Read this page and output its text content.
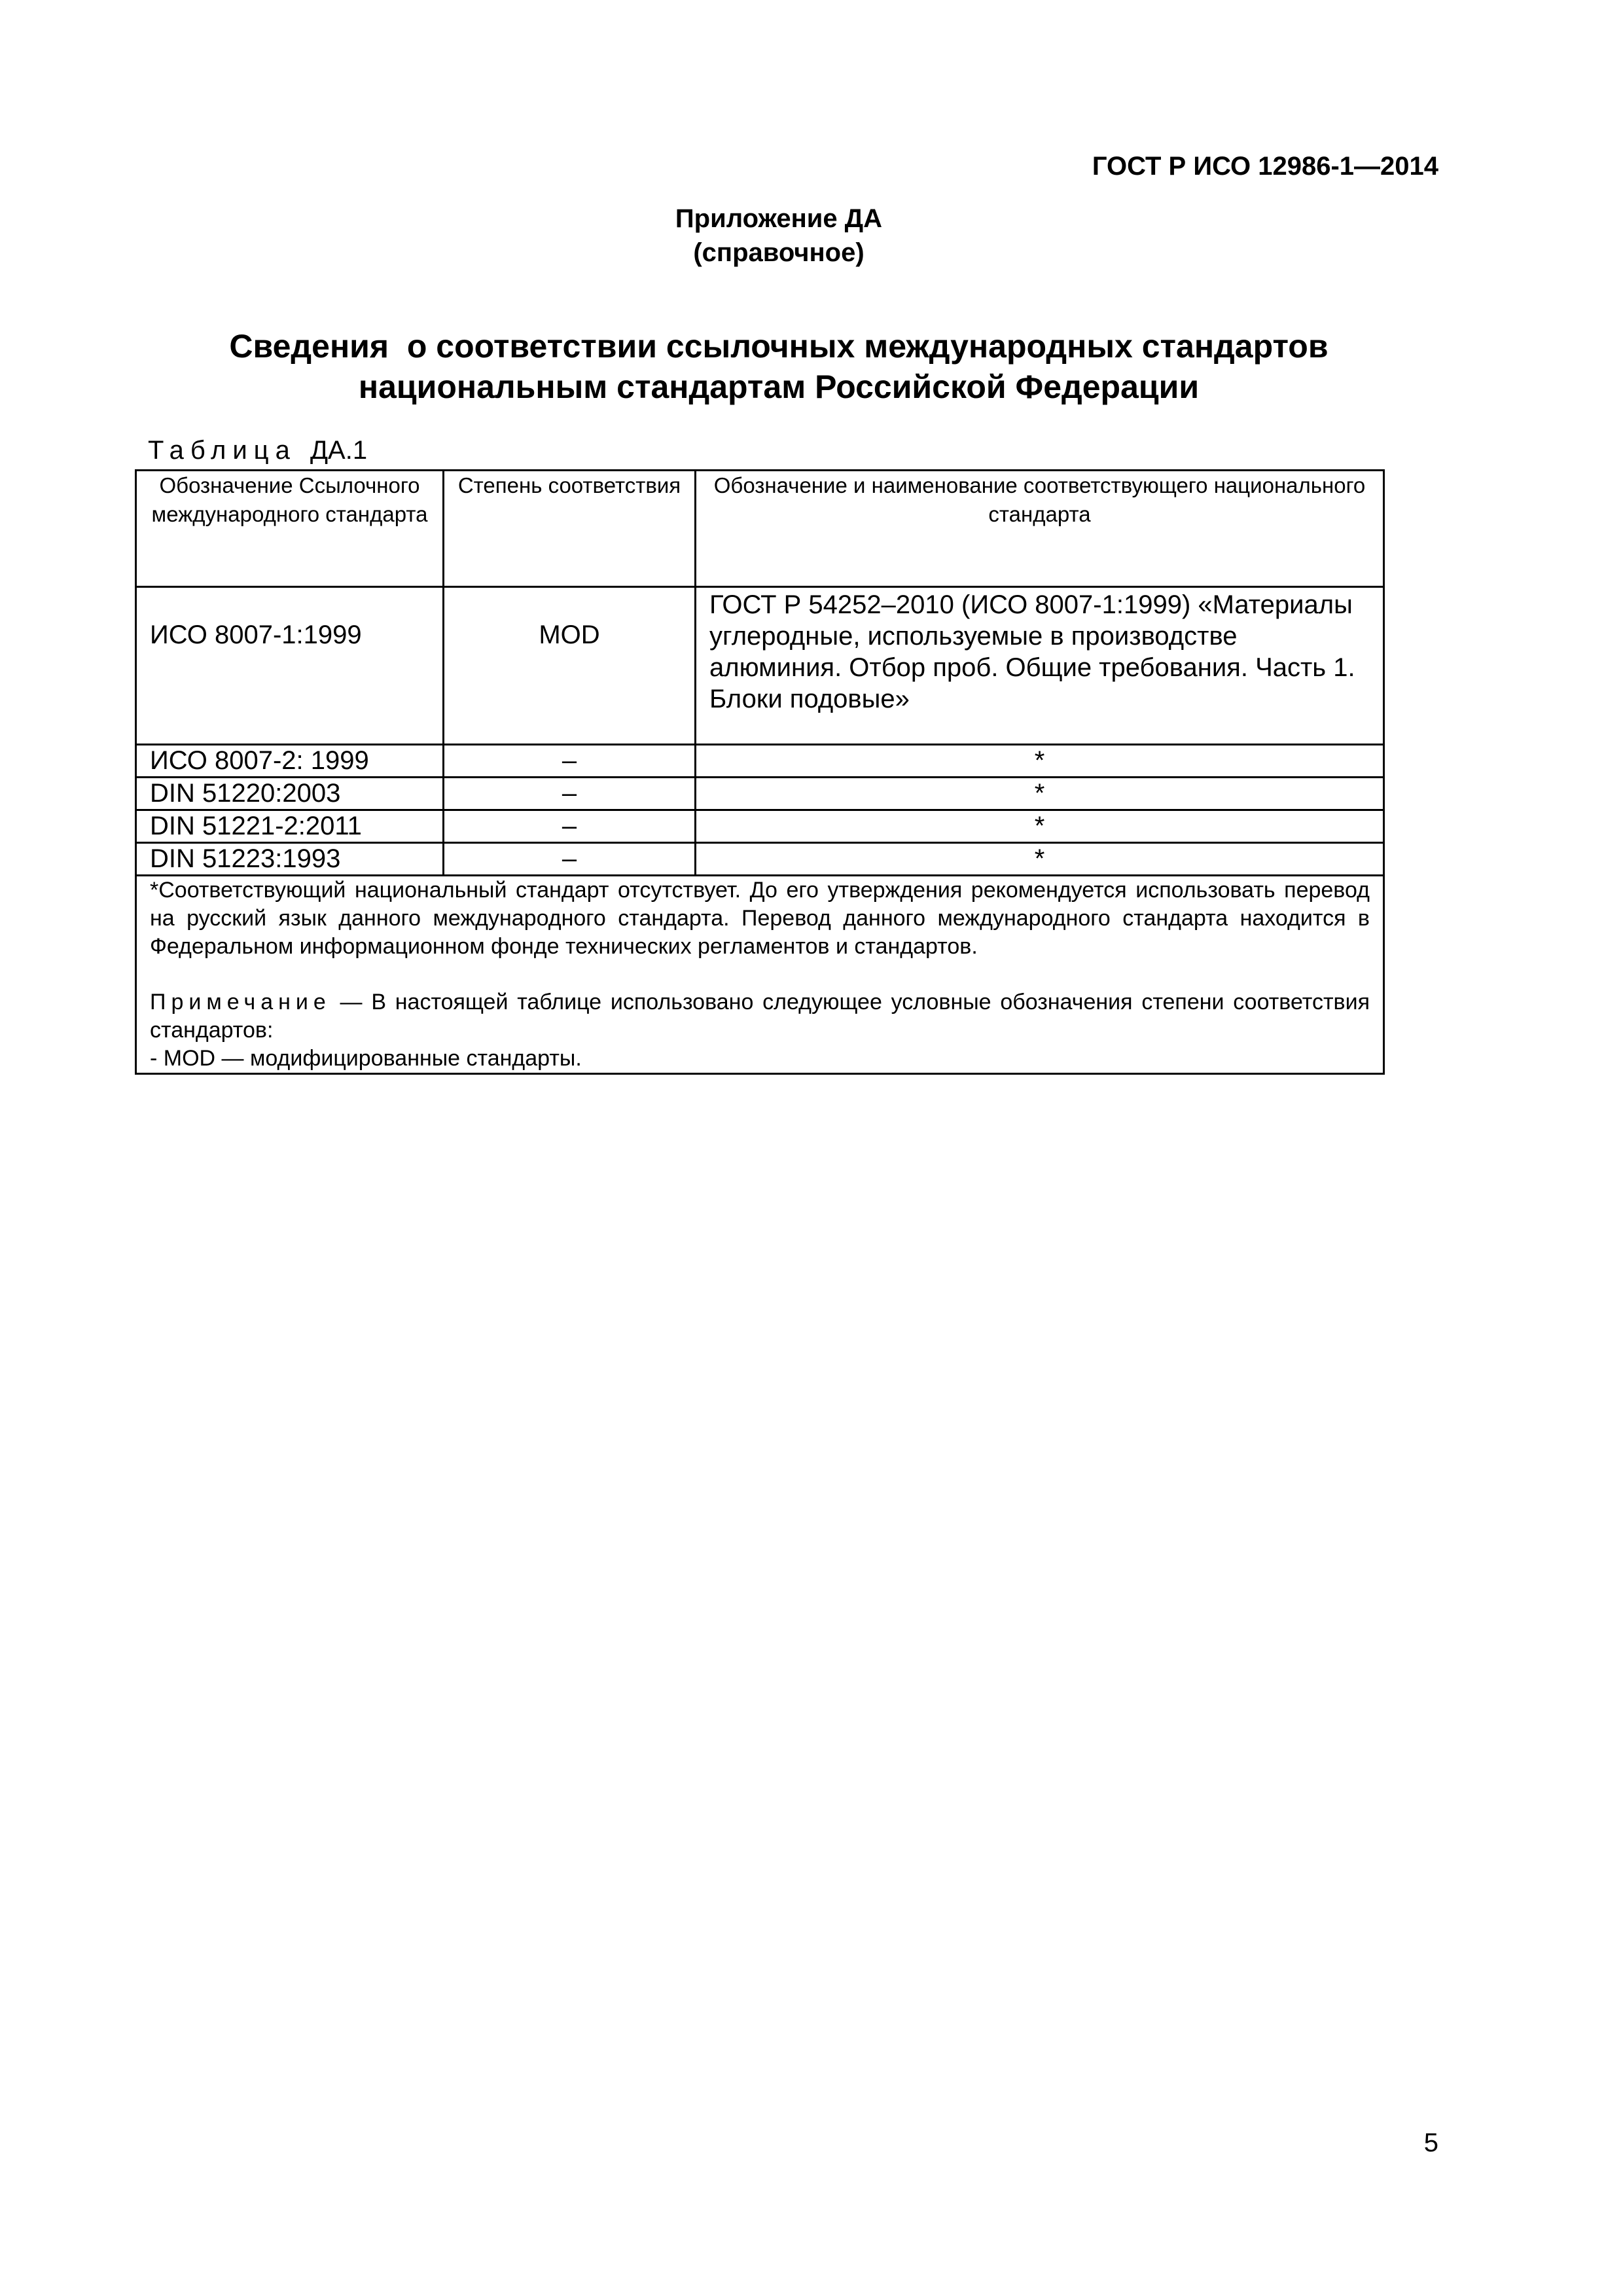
ГОСТ Р ИСО 12986-1—2014
Приложение ДА
(справочное)
Сведения  о соответствии ссылочных международных стандартов
национальным стандартам Российской Федерации
Таблица ДА.1
Обозначение Ссылочного международного стандарта	Степень соответствия	Обозначение и наименование соответствующего национального стандарта
ИСО 8007-1:1999	MOD	ГОСТ Р 54252–2010 (ИСО 8007-1:1999) «Материалы углеродные, используемые в производстве алюминия. Отбор проб. Общие требования. Часть 1. Блоки подовые»
ИСО 8007-2: 1999	–	*
DIN 51220:2003	–	*
DIN 51221-2:2011	–	*
DIN 51223:1993	–	*

*Соответствующий национальный стандарт отсутствует. До его утверждения рекомендуется использовать перевод на русский язык данного международного стандарта. Перевод данного международного стандарта находится в Федеральном информационном фонде технических регламентов и стандартов.
Примечание — В настоящей таблице использовано следующее условные обозначения степени соответствия стандартов:
- MOD — модифицированные стандарты.		
5
